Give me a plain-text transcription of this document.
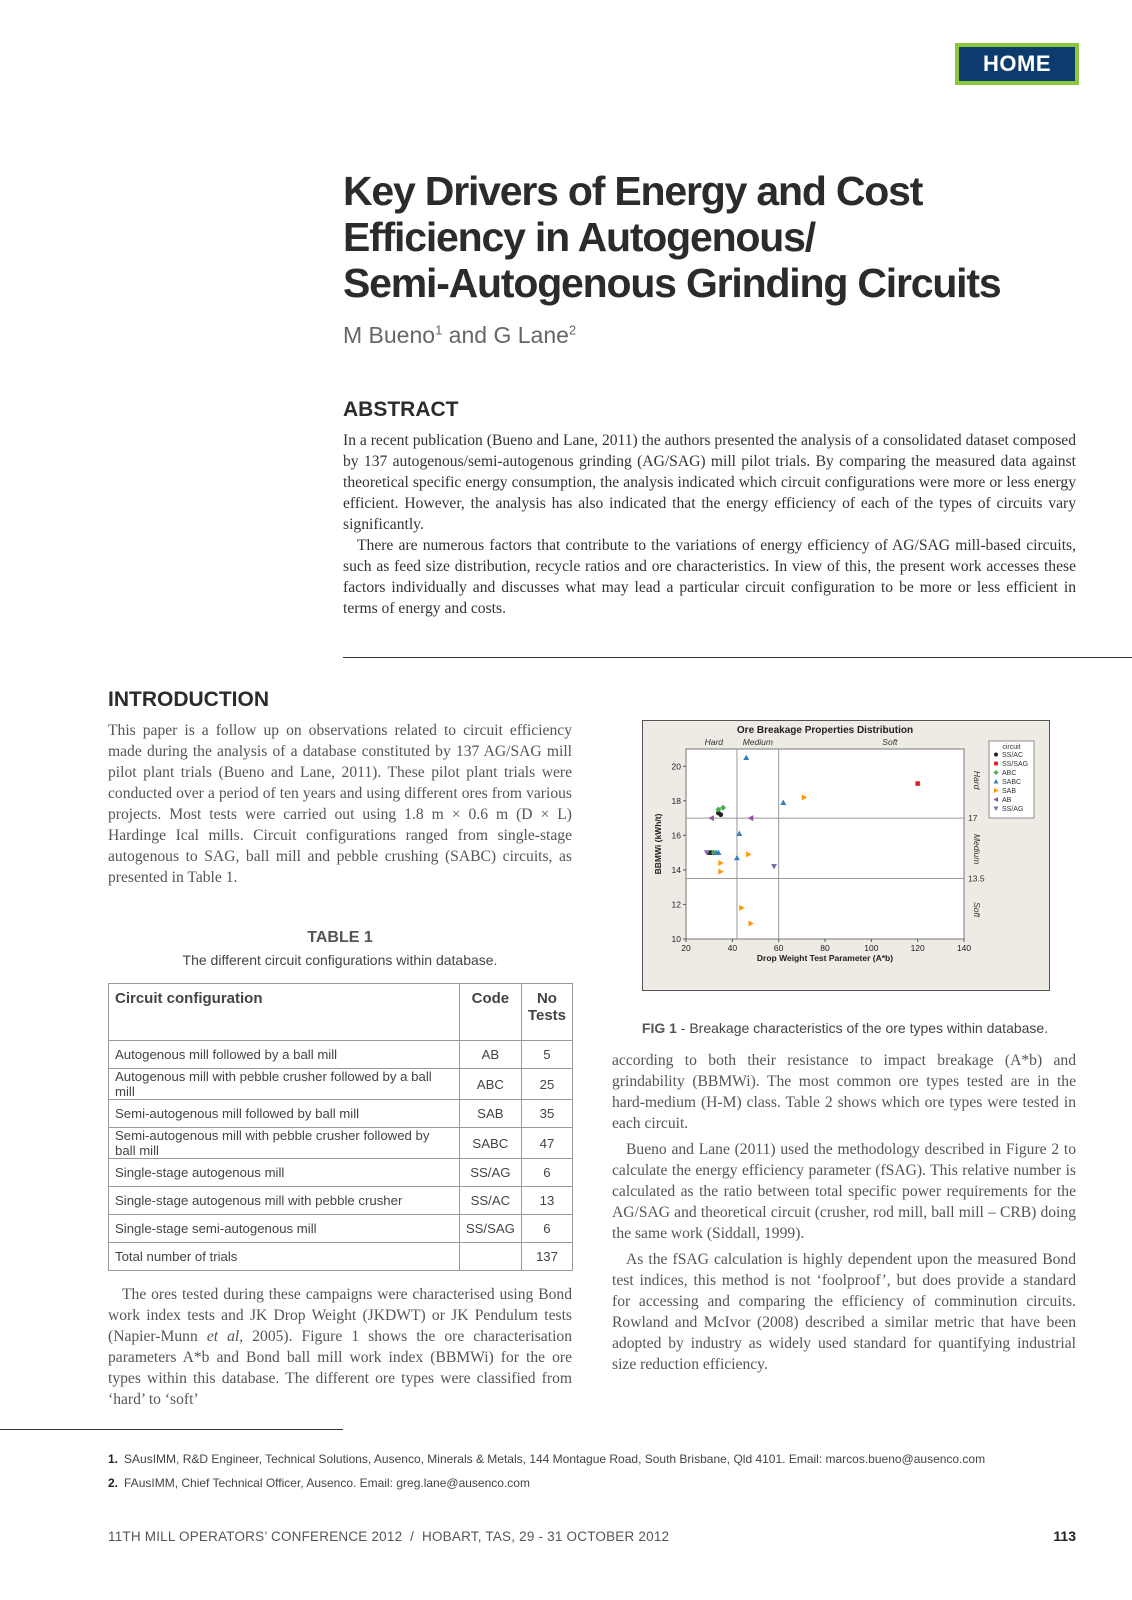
HOME
Key Drivers of Energy and Cost
Efficiency in Autogenous/
Semi-Autogenous Grinding Circuits
M Bueno$^1$ and G Lane$^2$
ABSTRACT

In a recent publication (Bueno and Lane, 2011) the authors presented the analysis of a consolidated dataset composed by 137 autogenous/semi-autogenous grinding (AG/SAG) mill pilot trials. By comparing the measured data against theoretical specific energy consumption, the analysis indicated which circuit configurations were more or less energy efficient. However, the analysis has also indicated that the energy efficiency of each of the types of circuits vary significantly.

There are numerous factors that contribute to the variations of energy efficiency of AG/SAG mill-based circuits, such as feed size distribution, recycle ratios and ore characteristics. In view of this, the present work accesses these factors individually and discusses what may lead a particular circuit configuration to be more or less efficient in terms of energy and costs.

INTRODUCTION

This paper is a follow up on observations related to circuit efficiency made during the analysis of a database constituted by 137 AG/SAG mill pilot plant trials (Bueno and Lane, 2011). These pilot plant trials were conducted over a period of ten years and using different ores from various projects. Most tests were carried out using 1.8 m × 0.6 m (D × L) Hardinge Ical mills. Circuit configurations ranged from single-stage autogenous to SAG, ball mill and pebble crushing (SABC) circuits, as presented in Table 1.

TABLE 1
The different circuit configurations within database.
Circuit configuration	Code	No
Tests
Autogenous mill followed by a ball mill	AB	5
Autogenous mill with pebble crusher followed by a ball mill	ABC	25
Semi-autogenous mill followed by ball mill	SAB	35
Semi-autogenous mill with pebble crusher followed by ball mill	SABC	47
Single-stage autogenous mill	SS/AG	6
Single-stage autogenous mill with pebble crusher	SS/AC	13
Single-stage semi-autogenous mill	SS/SAG	6
Total number of trials		137

The ores tested during these campaigns were characterised using Bond work index tests and JK Drop Weight (JKDWT) or JK Pendulum tests (Napier-Munn et al, 2005). Figure 1 shows the ore characterisation parameters A*b and Bond ball mill work index (BBMWi) for the ore types within this database. The different ore types were classified from ‘hard’ to ‘soft’

13.5
17
Ore Breakage Properties Distribution
Hard Medium	Soft
Hard
Medium
Soft
20	40	60	80	100	120	140
10
12
14
16
18
20
Drop Weight Test Parameter (A*b)
BBMWi (kWh/t)
circuit
SS/AC
SS/SAG
ABC
SABC
SAB
AB
SS/AG
FIG 1 - Breakage characteristics of the ore types within database.

according to both their resistance to impact breakage (A*b) and grindability (BBMWi). The most common ore types tested are in the hard-medium (H-M) class. Table 2 shows which ore types were tested in each circuit.

Bueno and Lane (2011) used the methodology described in Figure 2 to calculate the energy efficiency parameter (fSAG). This relative number is calculated as the ratio between total specific power requirements for the AG/SAG and theoretical circuit (crusher, rod mill, ball mill – CRB) doing the same work (Siddall, 1999).

As the fSAG calculation is highly dependent upon the measured Bond test indices, this method is not ‘foolproof’, but does provide a standard for accessing and comparing the efficiency of comminution circuits. Rowland and McIvor (2008) described a similar metric that have been adopted by industry as widely used standard for quantifying industrial size reduction efficiency.

1. SAusIMM, R&D Engineer, Technical Solutions, Ausenco, Minerals & Metals, 144 Montague Road, South Brisbane, Qld 4101. Email: marcos.bueno@ausenco.com
2. FAusIMM, Chief Technical Officer, Ausenco. Email: greg.lane@ausenco.com
11TH MILL OPERATORS’ CONFERENCE 2012  /  HOBART, TAS, 29 - 31 OCTOBER 2012	113
